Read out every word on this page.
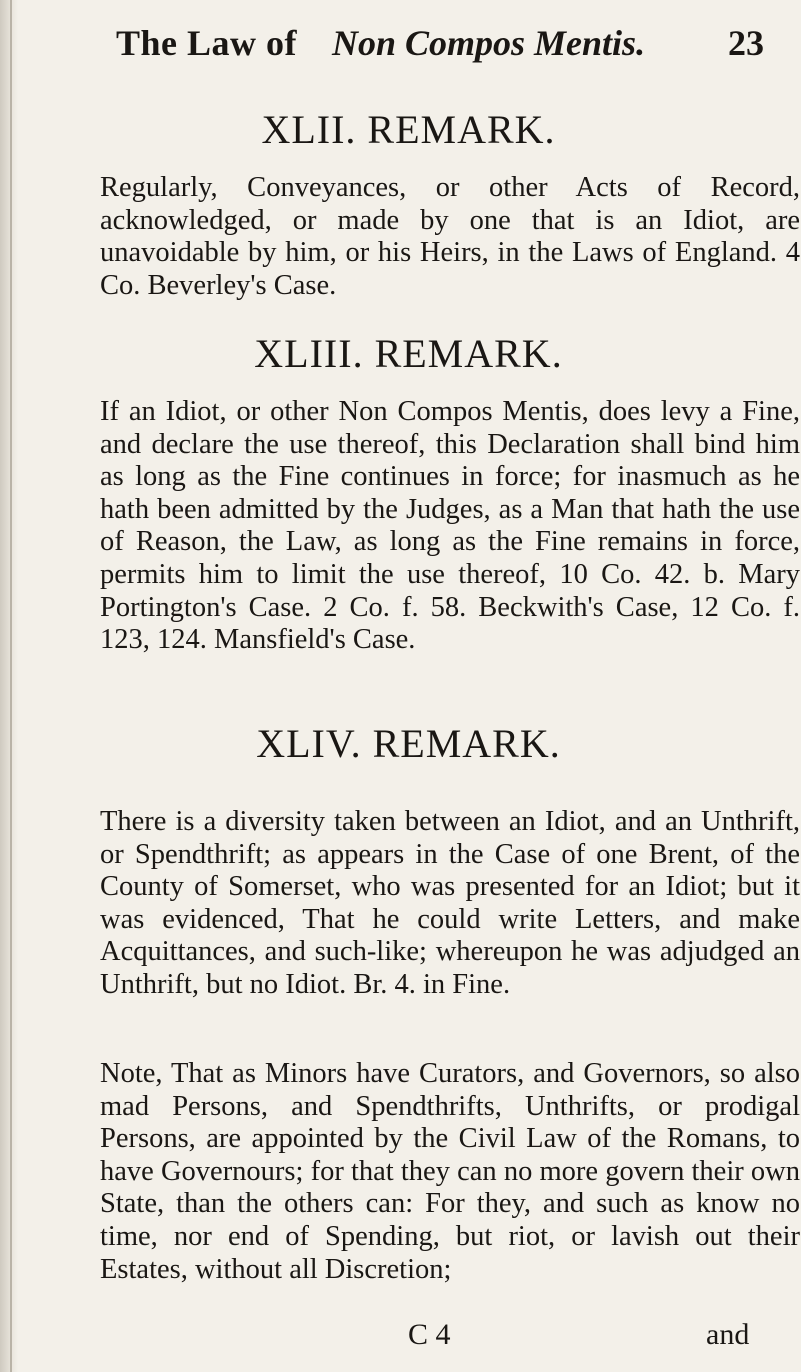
The Law of Non Compos Mentis. 23
XLII. REMARK.

Regularly, Conveyances, or other Acts of Record, acknowledged, or made by one that is an Idiot, are unavoidable by him, or his Heirs, in the Laws of England. 4 Co. Beverley's Case.

XLIII. REMARK.

If an Idiot, or other Non Compos Mentis, does levy a Fine, and declare the use thereof, this Declaration shall bind him as long as the Fine continues in force; for inasmuch as he hath been admitted by the Judges, as a Man that hath the use of Reason, the Law, as long as the Fine remains in force, permits him to limit the use thereof, 10 Co. 42. b. Mary Portington's Case. 2 Co. f. 58. Beckwith's Case, 12 Co. f. 123, 124. Mansfield's Case.

XLIV. REMARK.

There is a diversity taken between an Idiot, and an Unthrift, or Spendthrift; as appears in the Case of one Brent, of the County of Somerset, who was presented for an Idiot; but it was evidenced, That he could write Letters, and make Acquittances, and such-like; whereupon he was adjudged an Unthrift, but no Idiot. Br. 4. in Fine.

Note, That as Minors have Curators, and Governors, so also mad Persons, and Spendthrifts, Unthrifts, or prodigal Persons, are appointed by the Civil Law of the Romans, to have Governours; for that they can no more govern their own State, than the others can: For they, and such as know no time, nor end of Spending, but riot, or lavish out their Estates, without all Discretion;

C 4	and
